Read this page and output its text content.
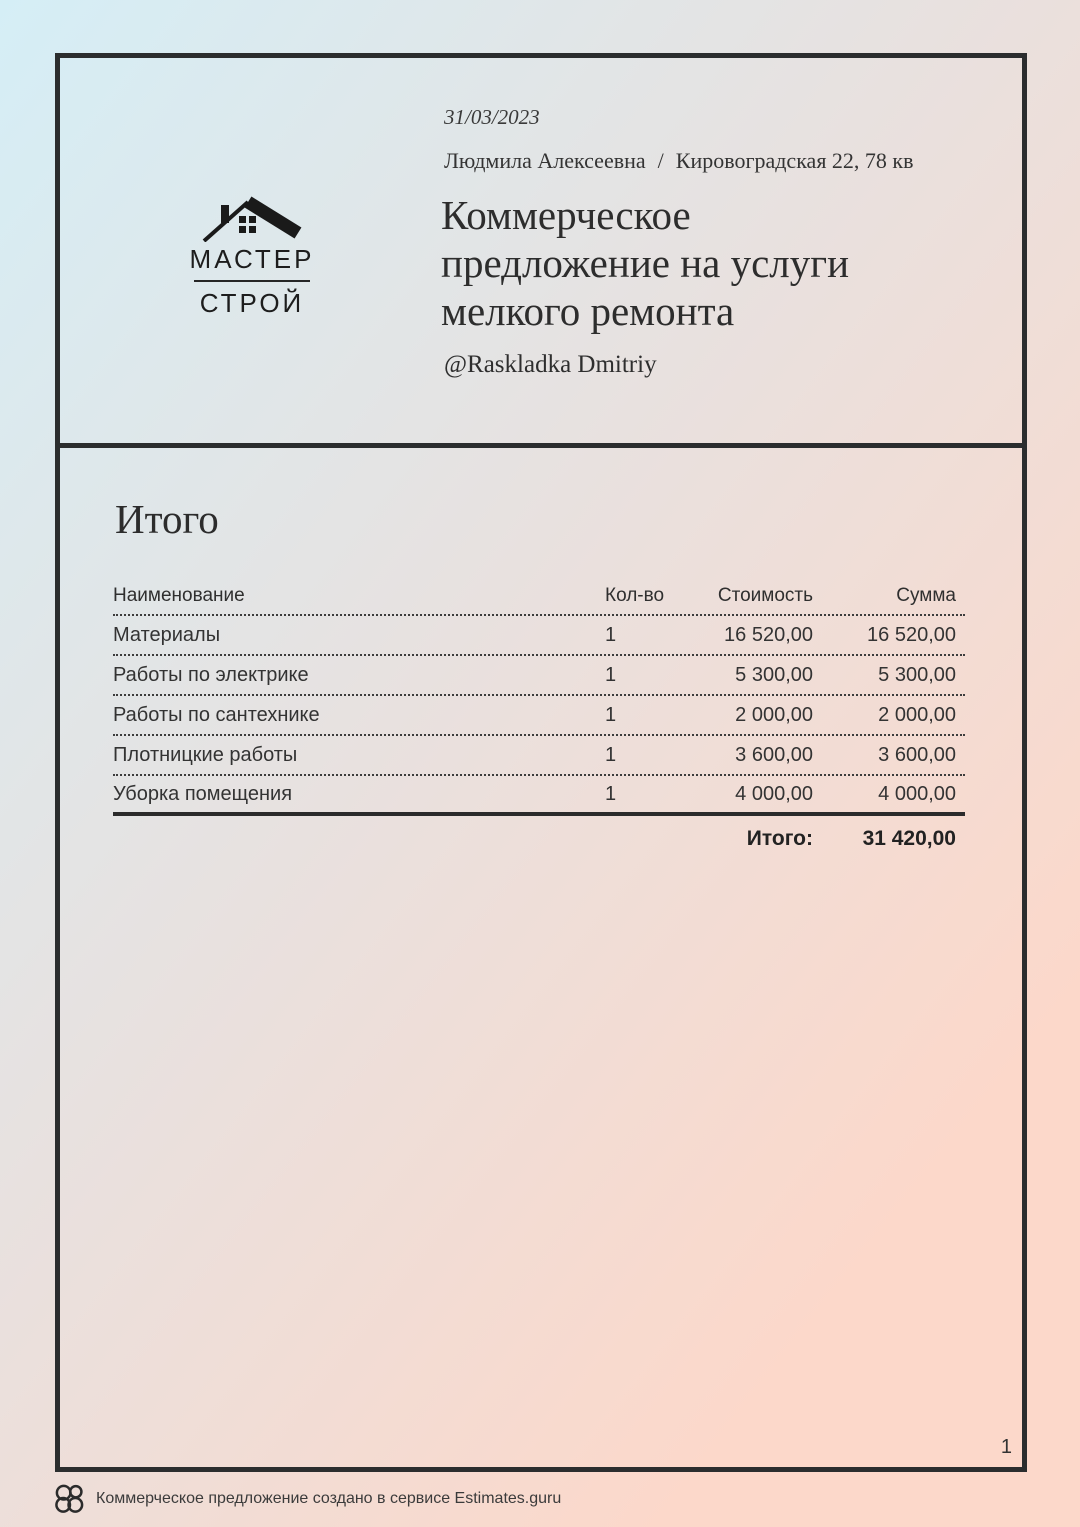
МАСТЕР
СТРОЙ
31/03/2023
Людмила Алексеевна / Кировоградская 22, 78 кв
Коммерческое
предложение на услуги
мелкого ремонта
@Raskladka Dmitriy
Итого
Наименование	Кол-во	Стоимость	Сумма
Материалы	1	16 520,00	16 520,00
Работы по электрике	1	5 300,00	5 300,00
Работы по сантехнике	1	2 000,00	2 000,00
Плотницкие работы	1	3 600,00	3 600,00
Уборка помещения	1	4 000,00	4 000,00
Итого:	31 420,00
1
Коммерческое предложение создано в сервисе Estimates.guru
